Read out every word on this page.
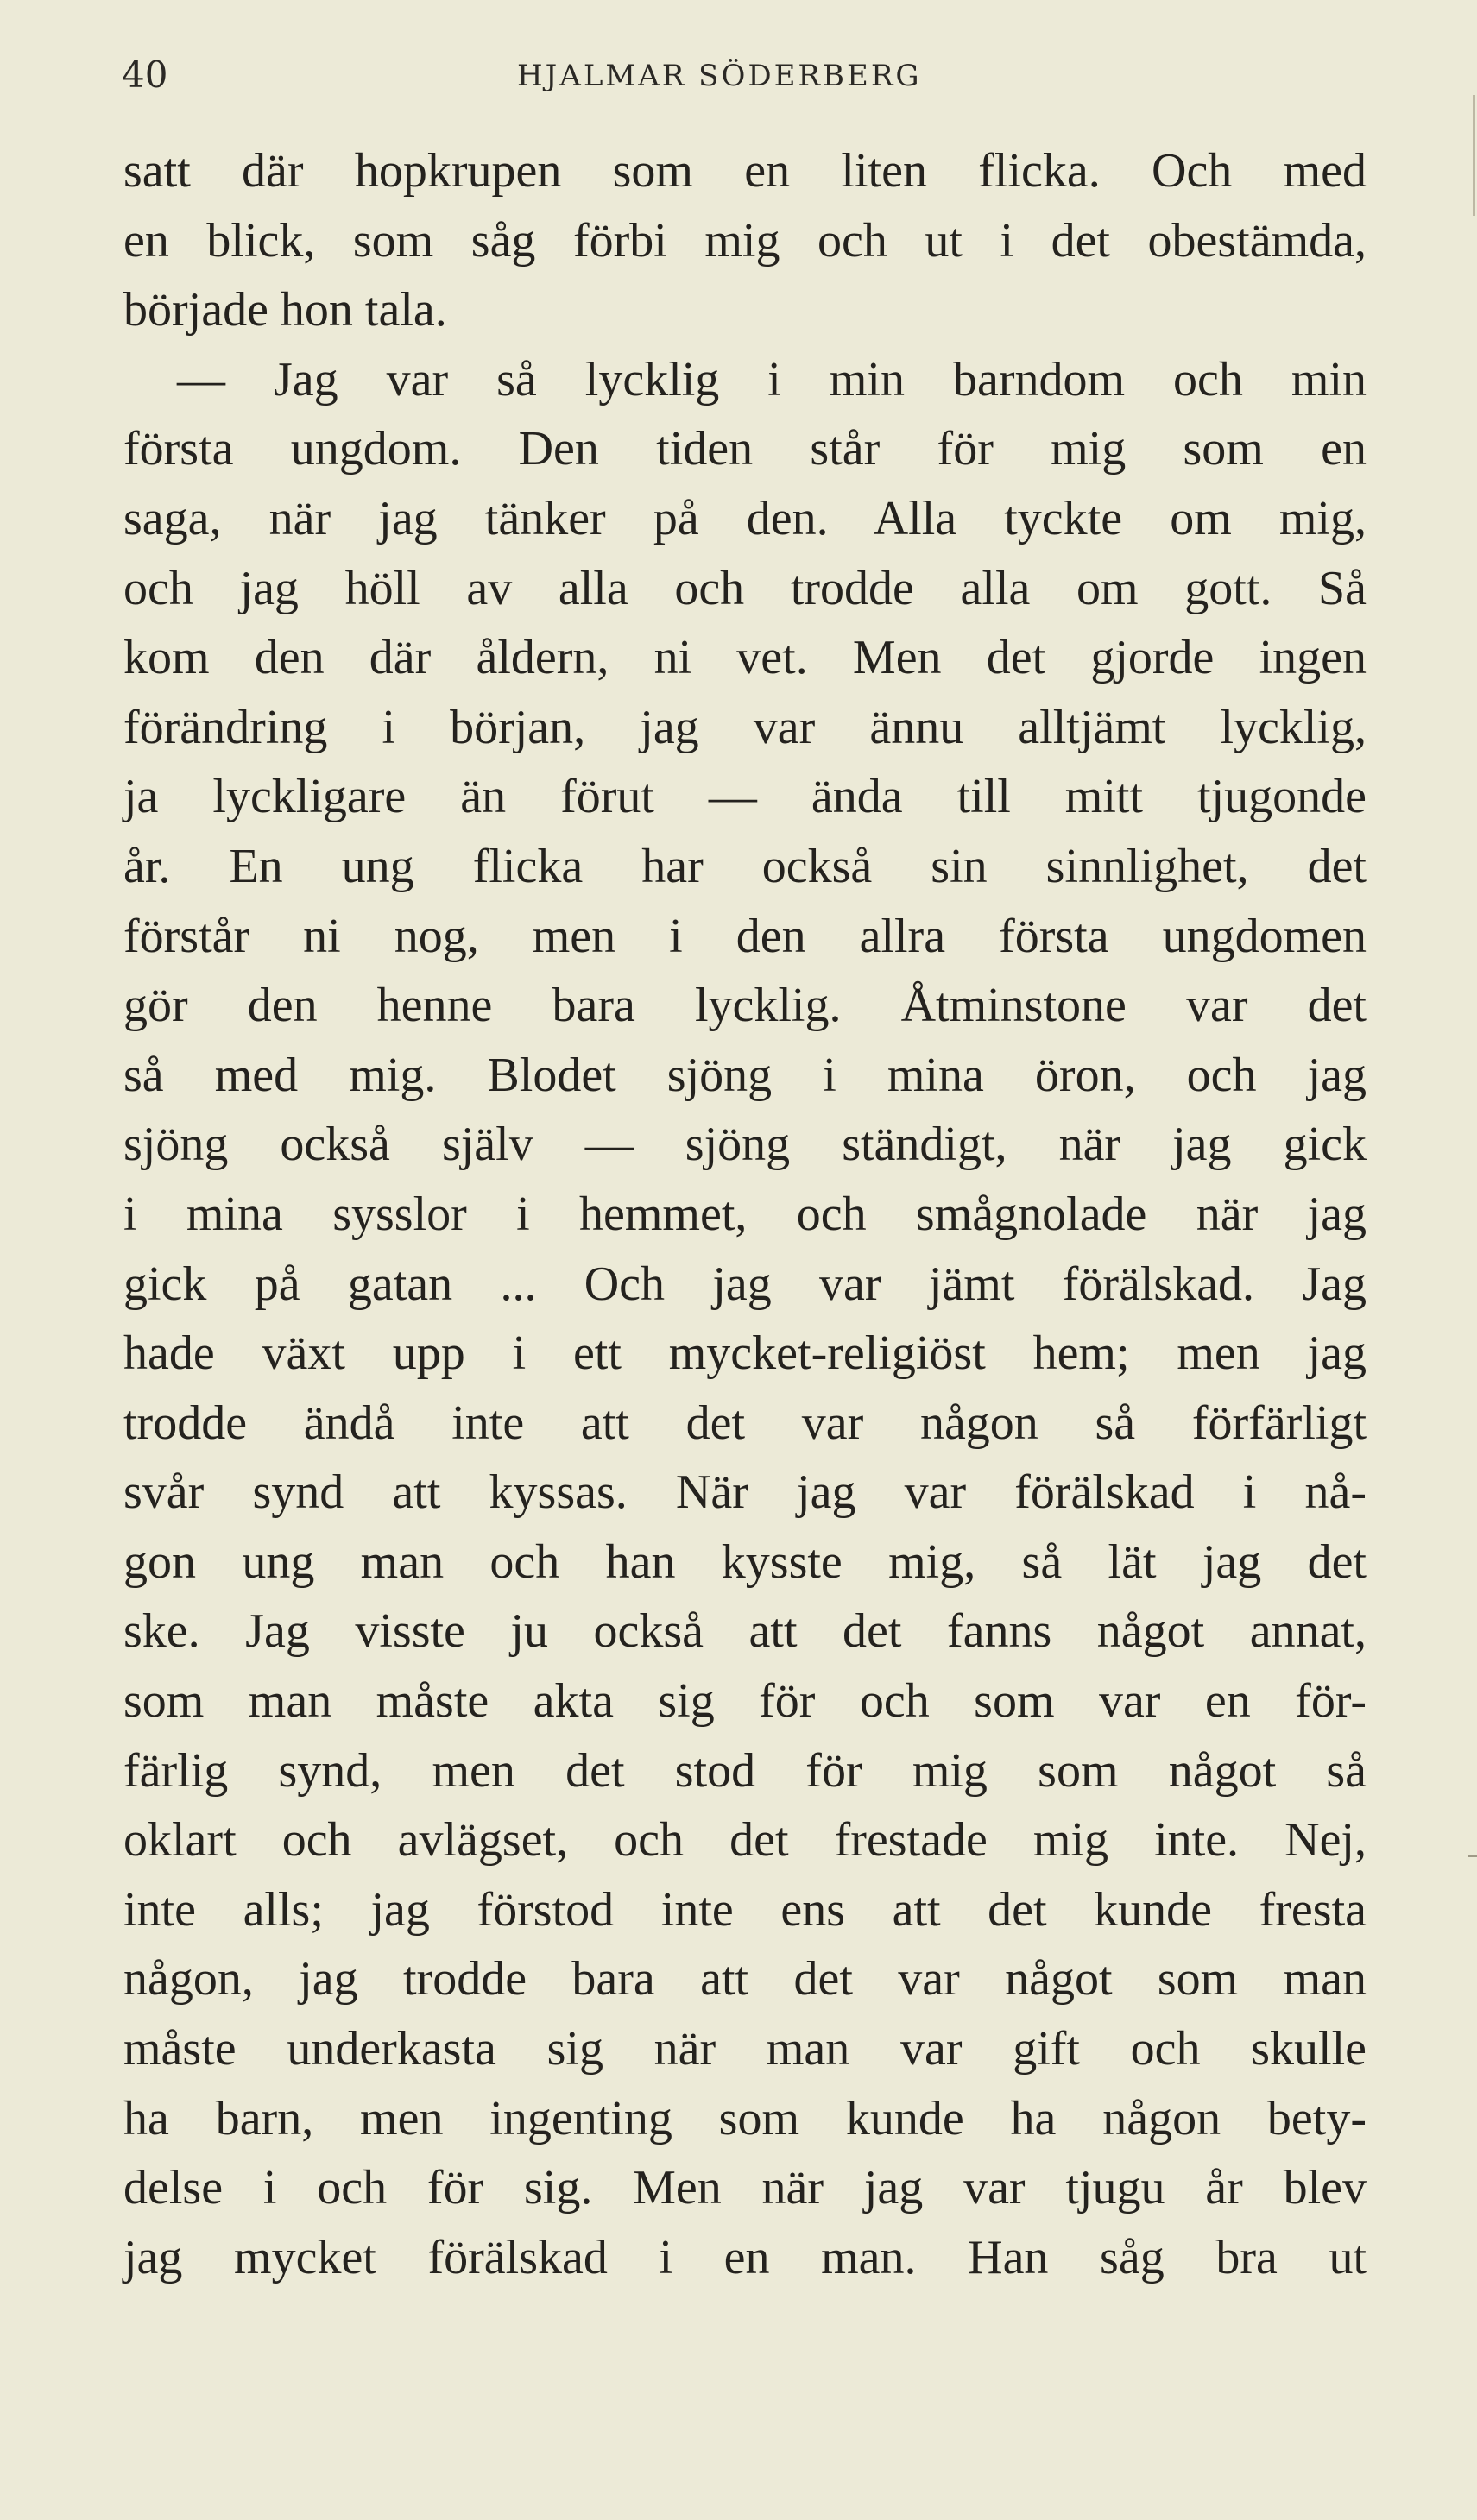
40	HJALMAR SÖDERBERG
satt där hopkrupen som en liten flicka. Och med
en blick, som såg förbi mig och ut i det obestämda,
började hon tala.
— Jag var så lycklig i min barndom och min
första ungdom. Den tiden står för mig som en
saga, när jag tänker på den. Alla tyckte om mig,
och jag höll av alla och trodde alla om gott. Så
kom den där åldern, ni vet. Men det gjorde ingen
förändring i början, jag var ännu alltjämt lycklig,
ja lyckligare än förut — ända till mitt tjugonde
år. En ung flicka har också sin sinnlighet, det
förstår ni nog, men i den allra första ungdomen
gör den henne bara lycklig. Åtminstone var det
så med mig. Blodet sjöng i mina öron, och jag
sjöng också själv — sjöng ständigt, när jag gick
i mina sysslor i hemmet, och smågnolade när jag
gick på gatan ... Och jag var jämt förälskad. Jag
hade växt upp i ett mycket-religiöst hem; men jag
trodde ändå inte att det var någon så förfärligt
svår synd att kyssas. När jag var förälskad i nå-
gon ung man och han kysste mig, så lät jag det
ske. Jag visste ju också att det fanns något annat,
som man måste akta sig för och som var en för-
färlig synd, men det stod för mig som något så
oklart och avlägset, och det frestade mig inte. Nej,
inte alls; jag förstod inte ens att det kunde fresta
någon, jag trodde bara att det var något som man
måste underkasta sig när man var gift och skulle
ha barn, men ingenting som kunde ha någon bety-
delse i och för sig. Men när jag var tjugu år blev
jag mycket förälskad i en man. Han såg bra ut
